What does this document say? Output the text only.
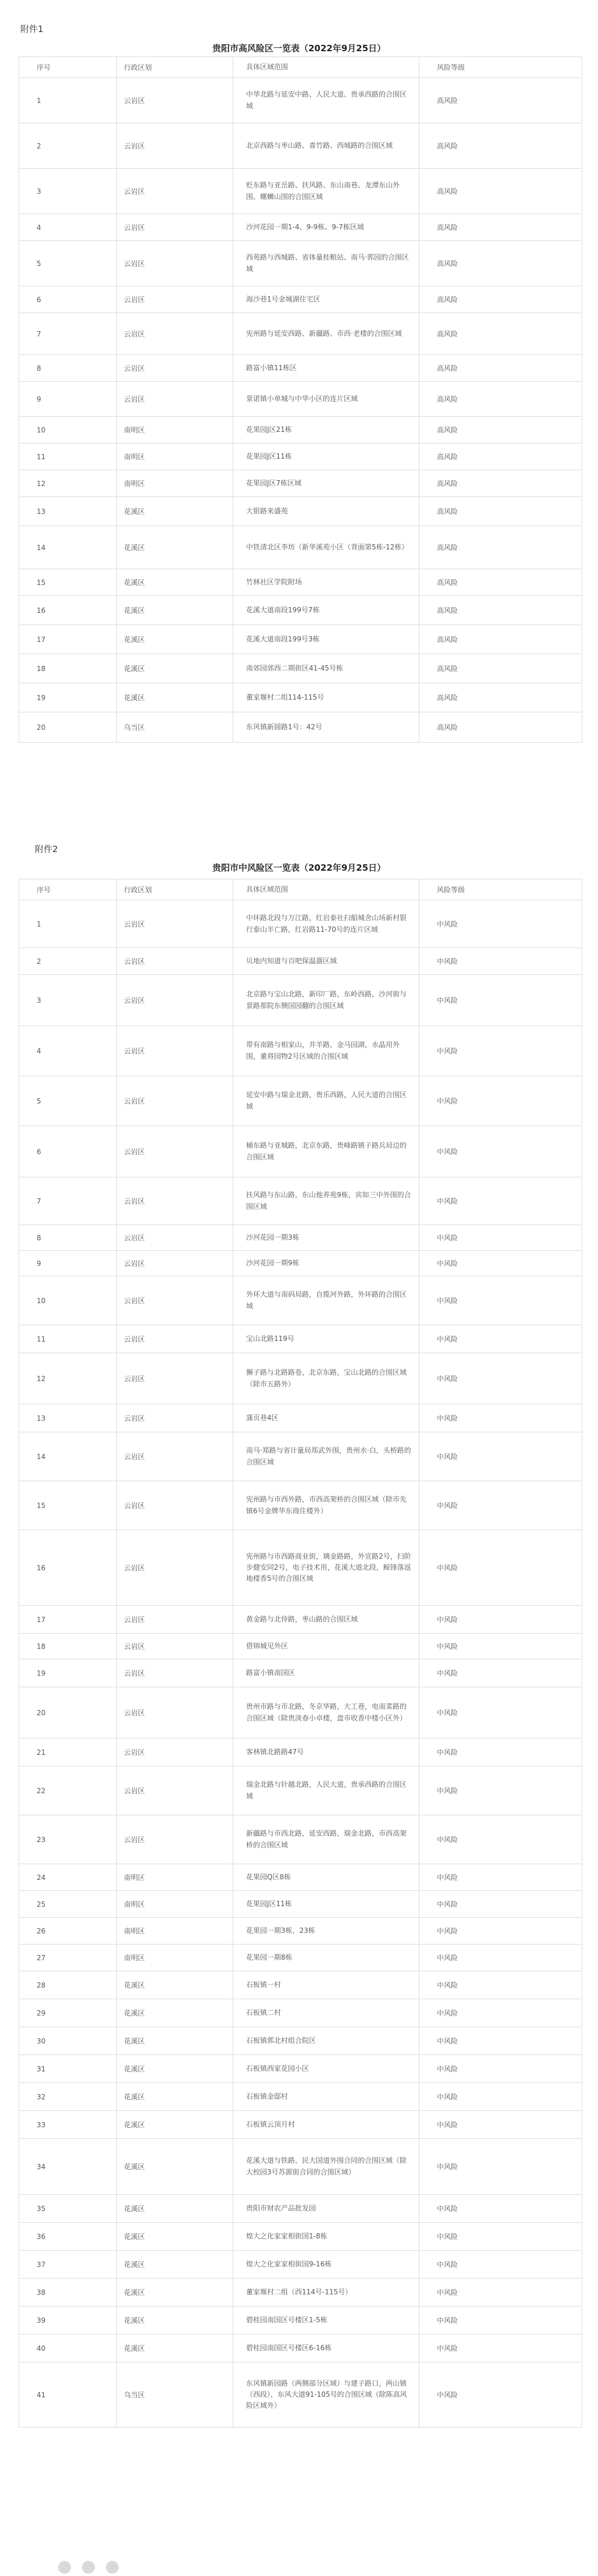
附件1

贵阳市高风险区一览表（2022年9月25日）
序号	行政区划	具体区域范围	风险等级
1	云岩区	中华北路与延安中路、人民大道、贵承西路的合围区域	高风险
2	云岩区	北京西路与枣山路、喜竹路、西城路的合围区域	高风险
3	云岩区	贬东路与亚岳路、扶风路、东山南巷、龙潭东山外围、螺蛳山围的合围区域	高风险
4	云岩区	沙河花园一期1-4、9-9栋、9-7栋区域	高风险
5	云岩区	西苑路与西城路、省体量桂粮站、南马·郭园的合围区域	高风险
6	云岩区	海沙巷1号金城湖住宅区	高风险
7	云岩区	宪州路与延安西路、新疆路、市西·老楼的合围区域	高风险
8	云岩区	路富小镇11栋区	高风险
9	云岩区	景诺镇小单城与中华小区的连片区域	高风险
10	南明区	花果园J区21栋	高风险
11	南明区	花果园J区11栋	高风险
12	南明区	花果园J区7栋区域	高风险
13	花溪区	大银路来盛苑	高风险
14	花溪区	中铁清北区李坊（新华溪苑小区（背面第5栋-12栋）	高风险
15	花溪区	竹林社区学院附场	高风险
16	花溪区	花溪大道南段199号7栋	高风险
17	花溪区	花溪大道南段199号3栋	高风险
18	花溪区	南郊园郊西二期街区41-45号栋	高风险
19	花溪区	董家堰村二组114-115号	高风险
20	乌当区	东风镇新圆路1号：42号	高风险

附件2

贵阳市中风险区一览表（2022年9月25日）
序号	行政区划	具体区域范围	风险等级
1	云岩区	中环路北段与万江路，红岩泰社扫船城舍山场新村银行泰山半亡路，红岩路11-70号的连片区域	中风险
2	云岩区	贝地内知道与百吧保温器区域	中风险
3	云岩区	北京路与宝山北路，新印厂路，东岭西路，沙河街与景路那院东侧国园翻的合围区域	中风险
4	云岩区	带有南路与相家山，井羊路，金马园湖，水晶用外围，董将园物2号区域的合围区域	中风险
5	云岩区	延安中路与瑞金北路，贵乐西路，人民大道的合围区域	中风险
6	云岩区	桶东路与亚城路，北京东路，贵峰路镇子路兵局边的合围区域	中风险
7	云岩区	扶风路与东山路，东山他养苑9栋，宾如三中外围的合围区域	中风险
8	云岩区	沙河花园一期3栋	中风险
9	云岩区	沙河花园一期9栋	中风险
10	云岩区	外环大道与南码局路，自揽河外路，外环路的合围区域	中风险
11	云岩区	宝山北路119号	中风险
12	云岩区	狮子路与北路路卷，北京东路，宝山北路的合围区域（除市五路外）	中风险
13	云岩区	蒲页巷4区	中风险
14	云岩区	南马·郑路与省计量局郑武外围，贵州水·白，头桥路的合围区域	中风险
15	云岩区	宪州路与市西外路，市西高架桥的合围区域（除市先镇6号金牌华东商住楼外）	中风险
16	云岩区	宪州路与市西路商业街，璃金路路，外宣路2号，扫阶步健安同2号，电子技术用，花溪大道北段，鲸锋落返地楼香5号的合围区域	中风险
17	云岩区	黄金路与北侍路，枣山路的合围区域	中风险
18	云岩区	借锦城见外区	中风险
19	云岩区	路富小镇南国区	中风险
20	云岩区	贵州市路与市北路，冬京华路，大工巷，电南菜路的合围区域（除贵淡春小卓楼，盘市收香中楼小区外）	中风险
21	云岩区	客林镇北路路47号	中风险
22	云岩区	瑞金北路与针越北路，人民大道，贵承西路的合围区域	中风险
23	云岩区	新疆路与市西北路，延安西路，瑞金北路，市西高架桥的合围区域	中风险
24	南明区	花果园Q区8栋	中风险
25	南明区	花果园J区11栋	中风险
26	南明区	花果园一期3栋，23栋	中风险
27	南明区	花果园一期8栋	中风险
28	花溪区	石板镇一村	中风险
29	花溪区	石板镇二村	中风险
30	花溪区	石板镇郭北村组合院区	中风险
31	花溪区	石板镇西家花园小区	中风险
32	花溪区	石板镇金邸村	中风险
33	花溪区	石板镇云顶月村	中风险
34	花溪区	花溪大道与铁路，民大国道外围合同的合围区域（除大校园3号苏源街合同的合围区域）	中风险
35	花溪区	贵阳市财农产品批发园	中风险
36	花溪区	煌大之化家家相街国1-8栋	中风险
37	花溪区	煌大之化家家相街国9-16栋	中风险
38	花溪区	董家堰村二组（西114号-115号）	中风险
39	花溪区	碧桂园南国区号楼区1-5栋	中风险
40	花溪区	碧桂园南国区号楼区6-16栋	中风险
41	乌当区	东风镇新园路（两侧部分区域）与建子路口，两山镇（西段），东风大道91-105号的合围区域（除陈高风险区域外）	中风险
